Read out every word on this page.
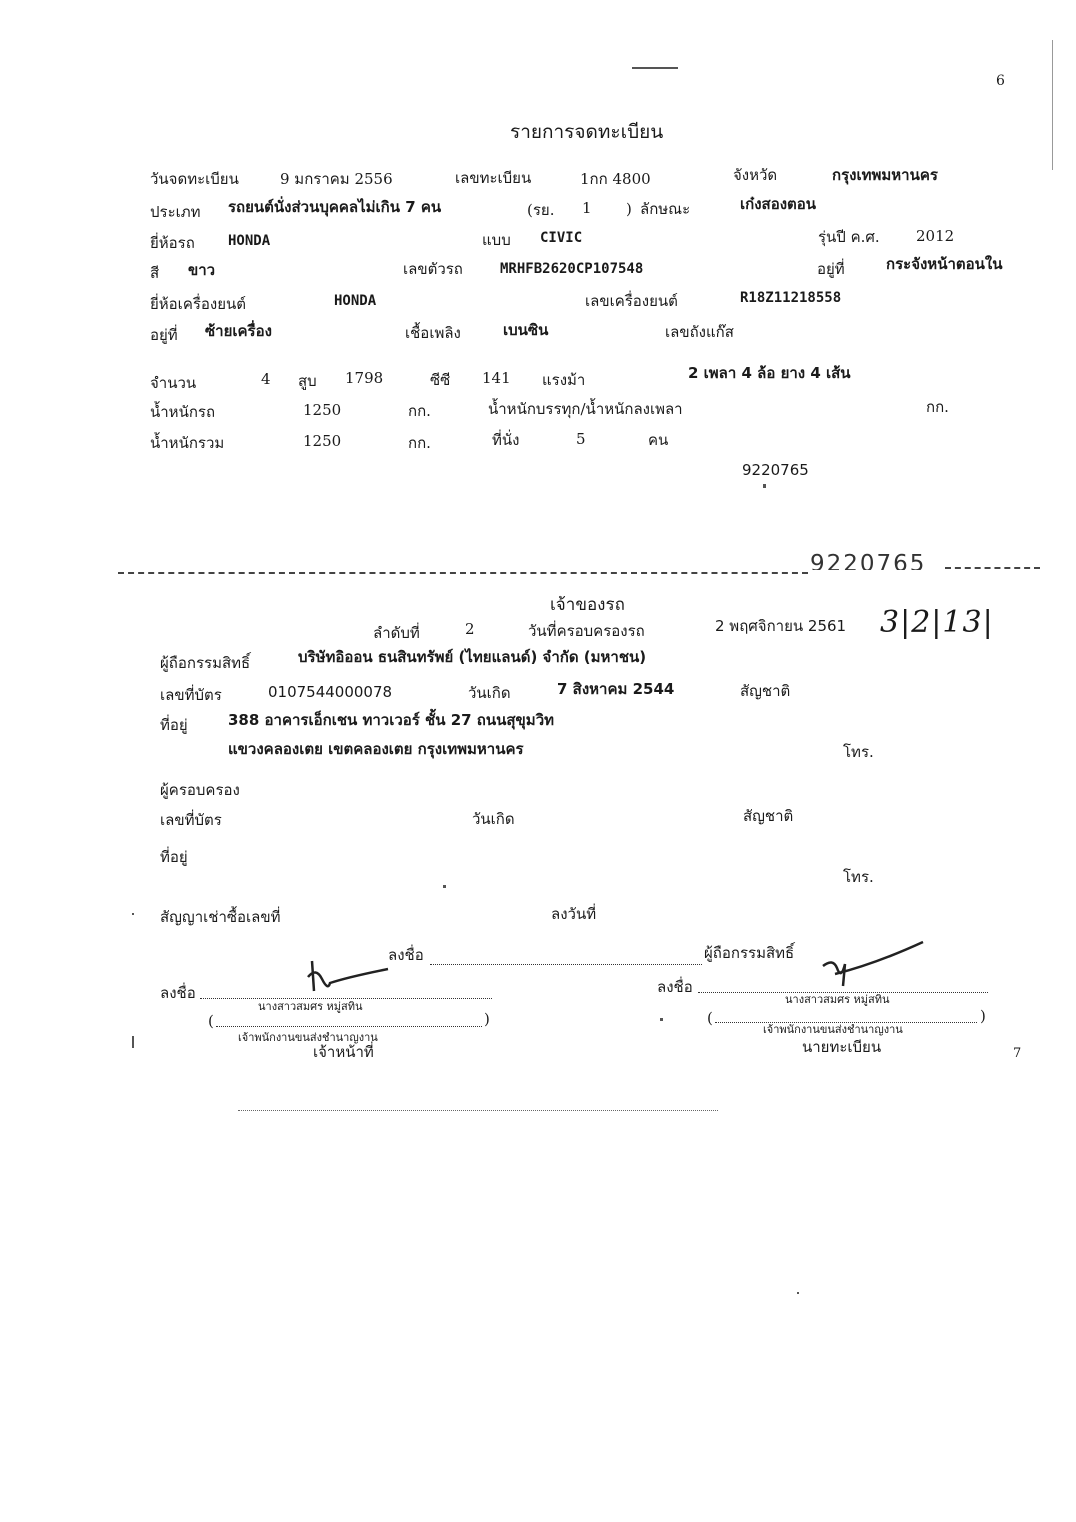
6
รายการจดทะเบียน
วันจดทะเบียน	9 มกราคม 2556	เลขทะเบียน	1กก 4800	จังหวัด	กรุงเทพมหานคร
ประเภท รถยนต์นั่งส่วนบุคคลไม่เกิน 7 คน	(รย. 1 ) ลักษณะ	เก๋งสองตอน
ยี่ห้อรถ HONDA	แบบ CIVIC	รุ่นปี ค.ศ. 2012
สี ขาว	เลขตัวรถ	MRHFB2620CP107548	อยู่ที่	กระจังหน้าตอนใน
ยี่ห้อเครื่องยนต์	HONDA	เลขเครื่องยนต์	R18Z11218558
อยู่ที่ ซ้ายเครื่อง	เชื้อเพลิง	เบนซิน	เลขถังแก๊ส
จำนวน	4 สูบ 1798	ซีซี 141 แรงม้า	2 เพลา 4 ล้อ ยาง 4 เส้น
น้ำหนักรถ	1250	กก.	น้ำหนักบรรทุก/น้ำหนักลงเพลา	กก.
น้ำหนักรวม	1250	กก.	ที่นั่ง	5	คน
9220765
9220765
เจ้าของรถ
ลำดับที่	2	วันที่ครอบครองรถ	2 พฤศจิกายน 2561 3|2|13|
ผู้ถือกรรมสิทธิ์	บริษัทอิออน ธนสินทรัพย์ (ไทยแลนด์) จำกัด (มหาชน)
เลขที่บัตร	0107544000078	วันเกิด	7 สิงหาคม 2544	สัญชาติ
ที่อยู่	388 อาคารเอ็กเชน ทาวเวอร์ ชั้น 27 ถนนสุขุมวิท
แขวงคลองเตย เขตคลองเตย กรุงเทพมหานคร	โทร.
ผู้ครอบครอง
เลขที่บัตร	วันเกิด	สัญชาติ
ที่อยู่
โทร.
สัญญาเช่าซื้อเลขที่	ลงวันที่
ลงชื่อ	ผู้ถือกรรมสิทธิ์
ลงชื่อ
นางสาวสมศร หมู่สทิน
(	)
เจ้าพนักงานขนส่งชำนาญงาน
เจ้าหน้าที่
ลงชื่อ
นางสาวสมศร หมู่สทิน
(	)
เจ้าพนักงานขนส่งชำนาญงาน
นายทะเบียน	7
